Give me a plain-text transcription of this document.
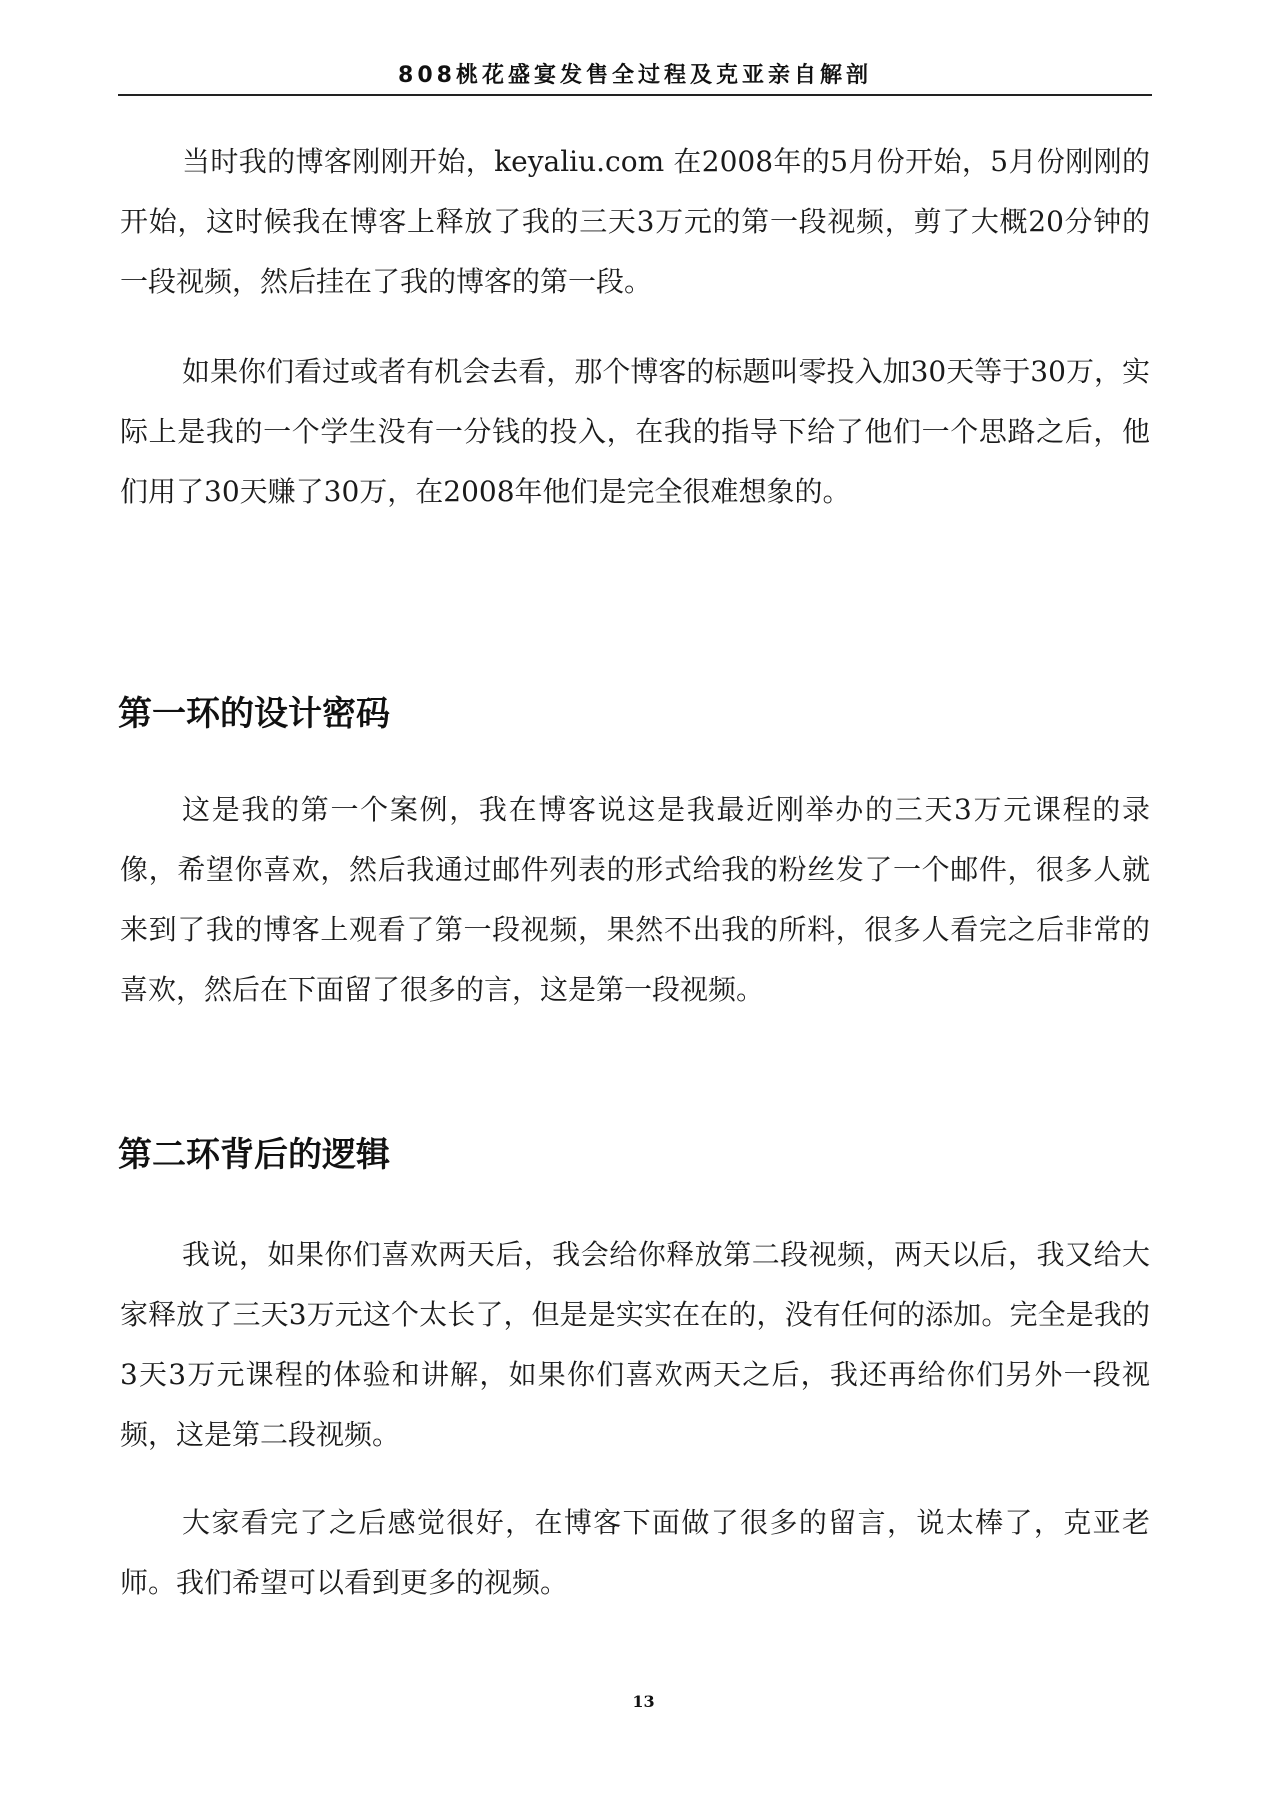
808桃花盛宴发售全过程及克亚亲自解剖

当时我的博客刚刚开始，keyaliu.com 在2008年的5月份开始，5月份刚刚的开始，这时候我在博客上释放了我的三天3万元的第一段视频，剪了大概20分钟的一段视频，然后挂在了我的博客的第一段。

如果你们看过或者有机会去看，那个博客的标题叫零投入加30天等于30万，实际上是我的一个学生没有一分钱的投入，在我的指导下给了他们一个思路之后，他们用了30天赚了30万，在2008年他们是完全很难想象的。

第一环的设计密码

这是我的第一个案例，我在博客说这是我最近刚举办的三天3万元课程的录像，希望你喜欢，然后我通过邮件列表的形式给我的粉丝发了一个邮件，很多人就来到了我的博客上观看了第一段视频，果然不出我的所料，很多人看完之后非常的喜欢，然后在下面留了很多的言，这是第一段视频。

第二环背后的逻辑

我说，如果你们喜欢两天后，我会给你释放第二段视频，两天以后，我又给大家释放了三天3万元这个太长了，但是是实实在在的，没有任何的添加。完全是我的3天3万元课程的体验和讲解，如果你们喜欢两天之后，我还再给你们另外一段视频，这是第二段视频。

大家看完了之后感觉很好，在博客下面做了很多的留言，说太棒了，克亚老师。我们希望可以看到更多的视频。

13
